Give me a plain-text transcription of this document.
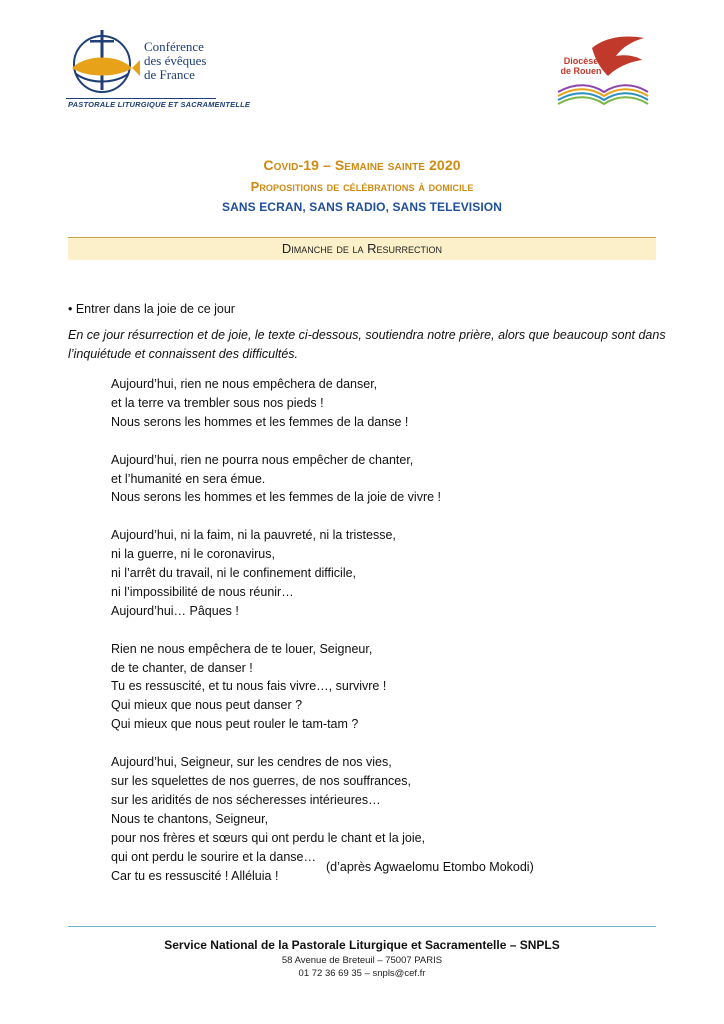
Conférence
des évêques
de France
PASTORALE LITURGIQUE ET SACRAMENTELLE
Diocèse
de Rouen
Covid-19 – Semaine sainte 2020
Propositions de célébrations à domicile
SANS ECRAN, SANS RADIO, SANS TELEVISION
Dimanche de la Resurrection
• Entrer dans la joie de ce jour
En ce jour résurrection et de joie, le texte ci-dessous, soutiendra notre prière, alors que beaucoup sont dans l’inquiétude et connaissent des difficultés.
Aujourd’hui, rien ne nous empêchera de danser,
et la terre va trembler sous nos pieds !
Nous serons les hommes et les femmes de la danse !
Aujourd’hui, rien ne pourra nous empêcher de chanter,
et l’humanité en sera émue.
Nous serons les hommes et les femmes de la joie de vivre !
Aujourd’hui, ni la faim, ni la pauvreté, ni la tristesse,
ni la guerre, ni le coronavirus,
ni l’arrêt du travail, ni le confinement difficile,
ni l’impossibilité de nous réunir…
Aujourd’hui… Pâques !
Rien ne nous empêchera de te louer, Seigneur,
de te chanter, de danser !
Tu es ressuscité, et tu nous fais vivre…, survivre !
Qui mieux que nous peut danser ?
Qui mieux que nous peut rouler le tam-tam ?
Aujourd’hui, Seigneur, sur les cendres de nos vies,
sur les squelettes de nos guerres, de nos souffrances,
sur les aridités de nos sécheresses intérieures…
Nous te chantons, Seigneur,
pour nos frères et sœurs qui ont perdu le chant et la joie,
qui ont perdu le sourire et la danse…
Car tu es ressuscité ! Alléluia !
(d’après Agwaelomu Etombo Mokodi)
Service National de la Pastorale Liturgique et Sacramentelle – SNPLS
58 Avenue de Breteuil – 75007 PARIS
01 72 36 69 35 – snpls@cef.fr
